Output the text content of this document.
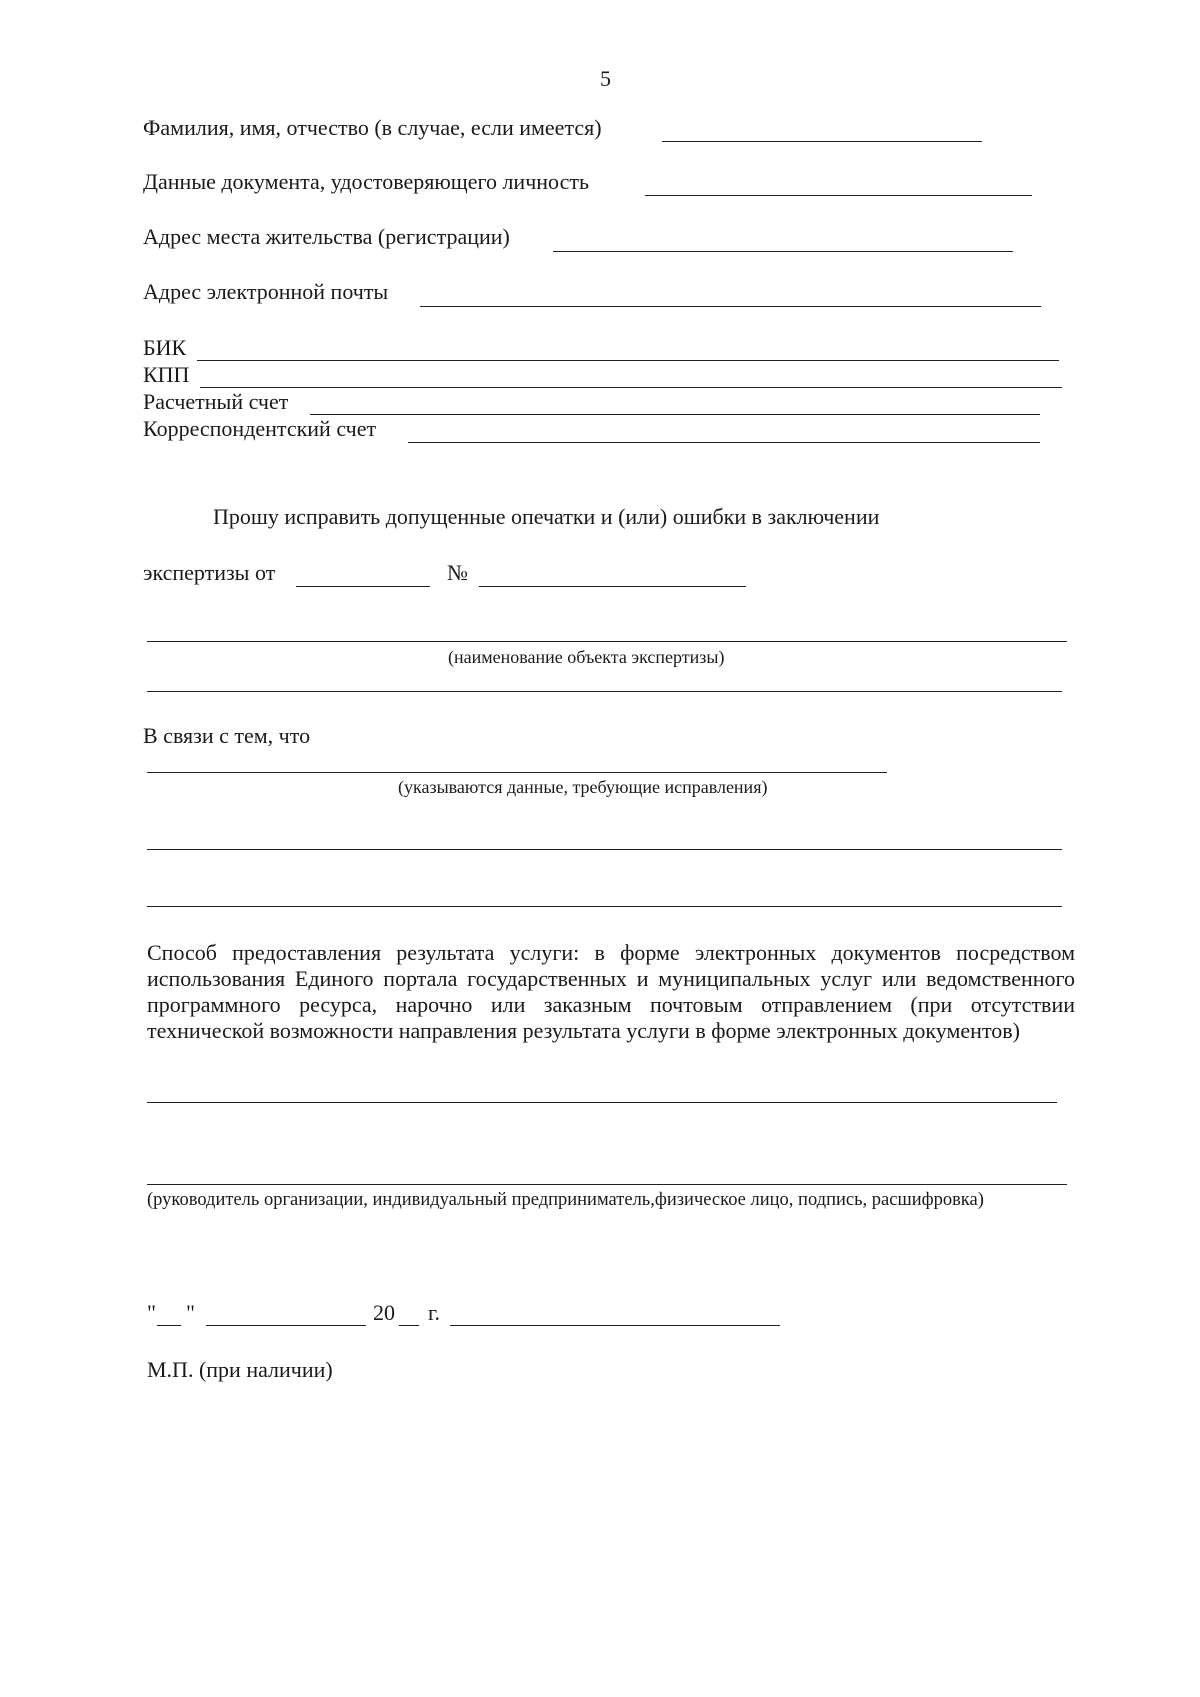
5
Фамилия, имя, отчество (в случае, если имеется)
Данные документа, удостоверяющего личность
Адрес места жительства (регистрации)
Адрес электронной почты
БИК
КПП
Расчетный счет
Корреспондентский счет
Прошу исправить допущенные опечатки и (или) ошибки в заключении
экспертизы от	№
(наименование объекта экспертизы)
В связи с тем, что
(указываются данные, требующие исправления)
Способ предоставления результата услуги: в форме электронных документов посредством использования Единого портала государственных и муниципальных услуг или ведомственного программного ресурса, нарочно или заказным почтовым отправлением (при отсутствии технической возможности направления результата услуги в форме электронных документов)
(руководитель организации, индивидуальный предприниматель,физическое лицо, подпись, расшифровка)
" "	20 г.
М.П. (при наличии)
